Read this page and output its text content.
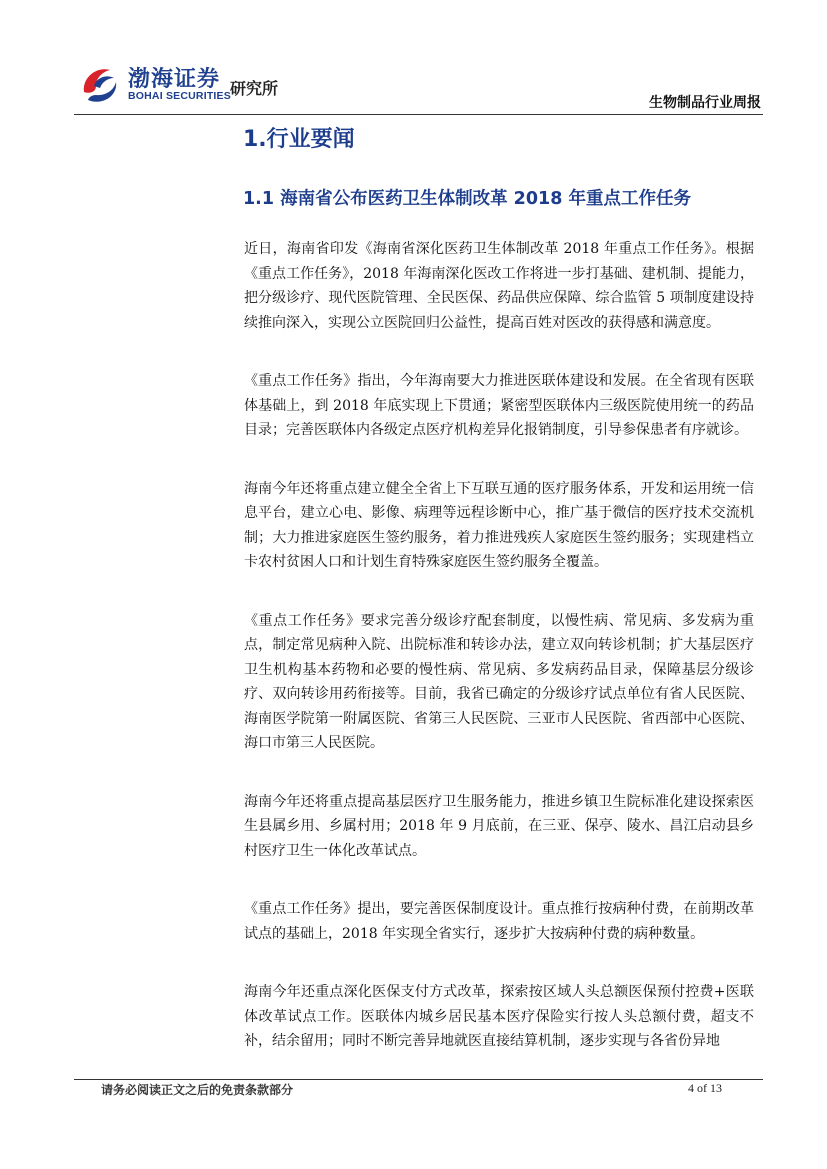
渤海证券
BOHAI SECURITIES 研究所
生物制品行业周报
1.行业要闻
1.1 海南省公布医药卫生体制改革 2018 年重点工作任务

近日，海南省印发《海南省深化医药卫生体制改革 2018 年重点工作任务》。根据《重点工作任务》，2018 年海南深化医改工作将进一步打基础、建机制、提能力，把分级诊疗、现代医院管理、全民医保、药品供应保障、综合监管 5 项制度建设持续推向深入，实现公立医院回归公益性，提高百姓对医改的获得感和满意度。

《重点工作任务》指出，今年海南要大力推进医联体建设和发展。在全省现有医联体基础上，到 2018 年底实现上下贯通；紧密型医联体内三级医院使用统一的药品目录；完善医联体内各级定点医疗机构差异化报销制度，引导参保患者有序就诊。

海南今年还将重点建立健全全省上下互联互通的医疗服务体系，开发和运用统一信息平台，建立心电、影像、病理等远程诊断中心，推广基于微信的医疗技术交流机制；大力推进家庭医生签约服务，着力推进残疾人家庭医生签约服务；实现建档立卡农村贫困人口和计划生育特殊家庭医生签约服务全覆盖。

《重点工作任务》要求完善分级诊疗配套制度，以慢性病、常见病、多发病为重点，制定常见病种入院、出院标准和转诊办法，建立双向转诊机制；扩大基层医疗卫生机构基本药物和必要的慢性病、常见病、多发病药品目录，保障基层分级诊疗、双向转诊用药衔接等。目前，我省已确定的分级诊疗试点单位有省人民医院、海南医学院第一附属医院、省第三人民医院、三亚市人民医院、省西部中心医院、海口市第三人民医院。

海南今年还将重点提高基层医疗卫生服务能力，推进乡镇卫生院标准化建设探索医生县属乡用、乡属村用；2018 年 9 月底前，在三亚、保亭、陵水、昌江启动县乡村医疗卫生一体化改革试点。

《重点工作任务》提出，要完善医保制度设计。重点推行按病种付费，在前期改革试点的基础上，2018 年实现全省实行，逐步扩大按病种付费的病种数量。

海南今年还重点深化医保支付方式改革，探索按区域人头总额医保预付控费+医联体改革试点工作。医联体内城乡居民基本医疗保险实行按人头总额付费，超支不补，结余留用；同时不断完善异地就医直接结算机制，逐步实现与各省份异地

请务必阅读正文之后的免责条款部分	4 of 13
